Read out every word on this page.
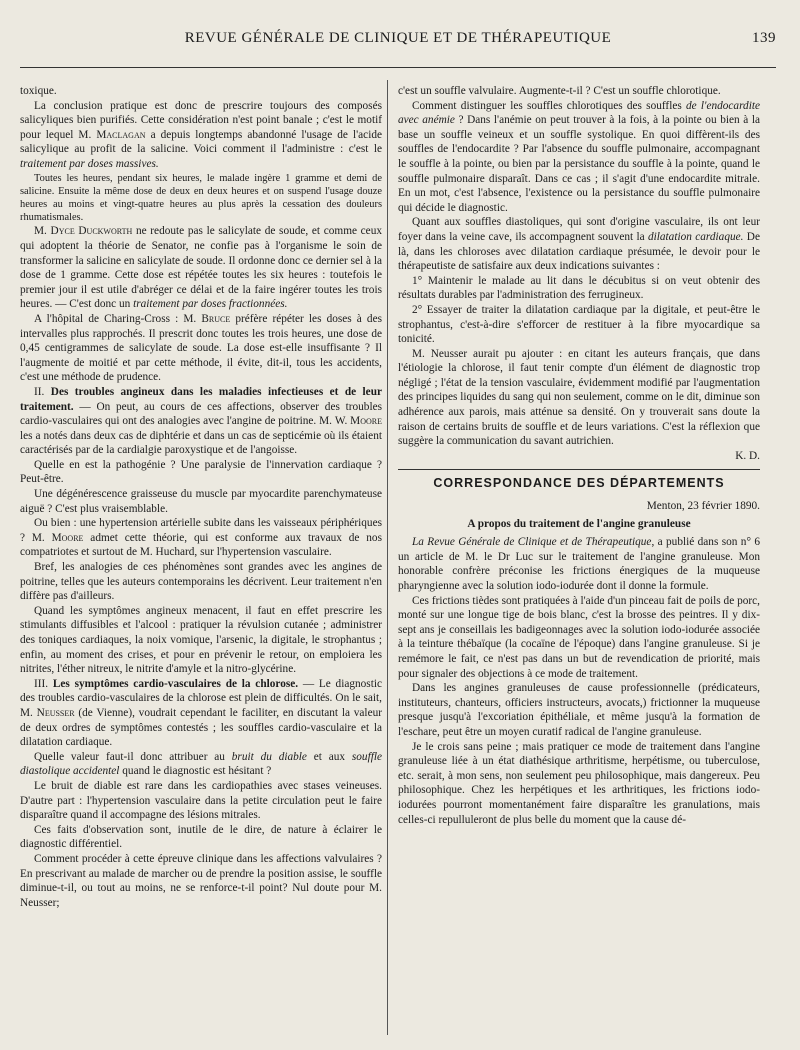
REVUE GÉNÉRALE DE CLINIQUE ET DE THÉRAPEUTIQUE	139

toxique.

La conclusion pratique est donc de prescrire toujours des composés salicyliques bien purifiés. Cette considération n'est point banale ; c'est le motif pour lequel M. Maclagan a depuis longtemps abandonné l'usage de l'acide salicylique au profit de la salicine. Voici comment il l'administre : c'est le traitement par doses massives.

Toutes les heures, pendant six heures, le malade ingère 1 gramme et demi de salicine. Ensuite la même dose de deux en deux heures et on suspend l'usage douze heures au moins et vingt-quatre heures au plus après la cessation des douleurs rhumatismales.

M. Dyce Duckworth ne redoute pas le salicylate de soude, et comme ceux qui adoptent la théorie de Senator, ne confie pas à l'organisme le soin de transformer la salicine en salicylate de soude. Il ordonne donc ce dernier sel à la dose de 1 gramme. Cette dose est répétée toutes les six heures : toutefois le premier jour il est utile d'abréger ce délai et de la faire ingérer toutes les trois heures. — C'est donc un traitement par doses fractionnées.

A l'hôpital de Charing-Cross : M. Bruce préfère répéter les doses à des intervalles plus rapprochés. Il prescrit donc toutes les trois heures, une dose de 0,45 centigrammes de salicylate de soude. La dose est-elle insuffisante ? Il l'augmente de moitié et par cette méthode, il évite, dit-il, tous les accidents, c'est une méthode de prudence.

II. Des troubles angineux dans les maladies infectieuses et de leur traitement. — On peut, au cours de ces affections, observer des troubles cardio-vasculaires qui ont des analogies avec l'angine de poitrine. M. W. Moore les a notés dans deux cas de diphtérie et dans un cas de septicémie où ils étaient caractérisés par de la cardialgie paroxystique et de l'angoisse.

Quelle en est la pathogénie ? Une paralysie de l'innervation cardiaque ? Peut-être.

Une dégénérescence graisseuse du muscle par myocardite parenchymateuse aiguë ? C'est plus vraisemblable.

Ou bien : une hypertension artérielle subite dans les vaisseaux périphériques ? M. Moore admet cette théorie, qui est conforme aux travaux de nos compatriotes et surtout de M. Huchard, sur l'hypertension vasculaire.

Bref, les analogies de ces phénomènes sont grandes avec les angines de poitrine, telles que les auteurs contemporains les décrivent. Leur traitement n'en diffère pas d'ailleurs.

Quand les symptômes angineux menacent, il faut en effet prescrire les stimulants diffusibles et l'alcool : pratiquer la révulsion cutanée ; administrer des toniques cardiaques, la noix vomique, l'arsenic, la digitale, le strophantus ; enfin, au moment des crises, et pour en prévenir le retour, on emploiera les nitrites, l'éther nitreux, le nitrite d'amyle et la nitro-glycérine.

III. Les symptômes cardio-vasculaires de la chlorose. — Le diagnostic des troubles cardio-vasculaires de la chlorose est plein de difficultés. On le sait, M. Neusser (de Vienne), voudrait cependant le faciliter, en discutant la valeur de deux ordres de symptômes contestés ; les souffles cardio-vasculaire et la dilatation cardiaque.

Quelle valeur faut-il donc attribuer au bruit du diable et aux souffle diastolique accidentel quand le diagnostic est hésitant ?

Le bruit de diable est rare dans les cardiopathies avec stases veineuses. D'autre part : l'hypertension vasculaire dans la petite circulation peut le faire disparaître quand il accompagne des lésions mitrales.

Ces faits d'observation sont, inutile de le dire, de nature à éclairer le diagnostic différentiel.

Comment procéder à cette épreuve clinique dans les affections valvulaires ? En prescrivant au malade de marcher ou de prendre la position assise, le souffle diminue-t-il, ou tout au moins, ne se renforce-t-il point? Nul doute pour M. Neusser;

c'est un souffle valvulaire. Augmente-t-il ? C'est un souffle chlorotique.

Comment distinguer les souffles chlorotiques des souffles de l'endocardite avec anémie ? Dans l'anémie on peut trouver à la fois, à la pointe ou bien à la base un souffle veineux et un souffle systolique. En quoi diffèrent-ils des souffles de l'endocardite ? Par l'absence du souffle pulmonaire, accompagnant le souffle à la pointe, ou bien par la persistance du souffle à la pointe, quand le souffle pulmonaire disparaît. Dans ce cas ; il s'agit d'une endocardite mitrale. En un mot, c'est l'absence, l'existence ou la persistance du souffle pulmonaire qui décide le diagnostic.

Quant aux souffles diastoliques, qui sont d'origine vasculaire, ils ont leur foyer dans la veine cave, ils accompagnent souvent la dilatation cardiaque. De là, dans les chloroses avec dilatation cardiaque présumée, le devoir pour le thérapeutiste de satisfaire aux deux indications suivantes :

1° Maintenir le malade au lit dans le décubitus si on veut obtenir des résultats durables par l'administration des ferrugineux.

2° Essayer de traiter la dilatation cardiaque par la digitale, et peut-être le strophantus, c'est-à-dire s'efforcer de restituer à la fibre myocardique sa tonicité.

M. Neusser aurait pu ajouter : en citant les auteurs français, que dans l'étiologie la chlorose, il faut tenir compte d'un élément de diagnostic trop négligé ; l'état de la tension vasculaire, évidemment modifié par l'augmentation des principes liquides du sang qui non seulement, comme on le dit, diminue son adhérence aux parois, mais atténue sa densité. On y trouverait sans doute la raison de certains bruits de souffle et de leurs variations. C'est la réflexion que suggère la communication du savant autrichien.

K. D.

CORRESPONDANCE DES DÉPARTEMENTS
Menton, 23 février 1890.
A propos du traitement de l'angine granuleuse

La Revue Générale de Clinique et de Thérapeutique, a publié dans son n° 6 un article de M. le Dr Luc sur le traitement de l'angine granuleuse. Mon honorable confrère préconise les frictions énergiques de la muqueuse pharyngienne avec la solution iodo-iodurée dont il donne la formule.

Ces frictions tièdes sont pratiquées à l'aide d'un pinceau fait de poils de porc, monté sur une longue tige de bois blanc, c'est la brosse des peintres. Il y dix-sept ans je conseillais les badigeonnages avec la solution iodo-iodurée associée à la teinture thébaïque (la cocaïne de l'époque) dans l'angine granuleuse. Si je remémore le fait, ce n'est pas dans un but de revendication de priorité, mais pour signaler des objections à ce mode de traitement.

Dans les angines granuleuses de cause professionnelle (prédicateurs, instituteurs, chanteurs, officiers instructeurs, avocats,) frictionner la muqueuse presque jusqu'à l'excoriation épithéliale, et même jusqu'à la formation de l'eschare, peut être un moyen curatif radical de l'angine granuleuse.

Je le crois sans peine ; mais pratiquer ce mode de traitement dans l'angine granuleuse liée à un état diathésique arthritisme, herpétisme, ou tuberculose, etc. serait, à mon sens, non seulement peu philosophique, mais dangereux. Peu philosophique. Chez les herpétiques et les arthritiques, les frictions iodo-iodurées pourront momentanément faire disparaître les granulations, mais celles-ci repulluleront de plus belle du moment que la cause dé-
